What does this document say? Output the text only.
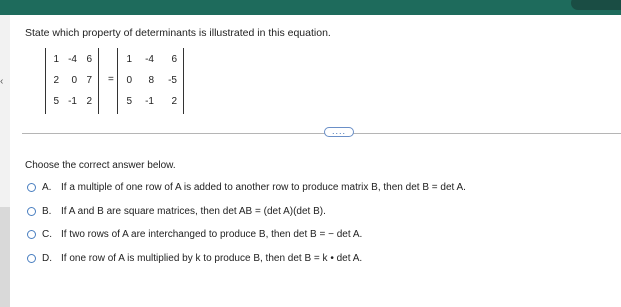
‹
State which property of determinants is illustrated in this equation.
1 -4 6
2	0 7
5 -1 2
=
1	-4	6
0	8	-5
5	-1	2
....
Choose the correct answer below.
A. If a multiple of one row of A is added to another row to produce matrix B, then det B = det A.
B. If A and B are square matrices, then det AB = (det A)(det B).
C. If two rows of A are interchanged to produce B, then det B = − det A.
D. If one row of A is multiplied by k to produce B, then det B = k • det A.
